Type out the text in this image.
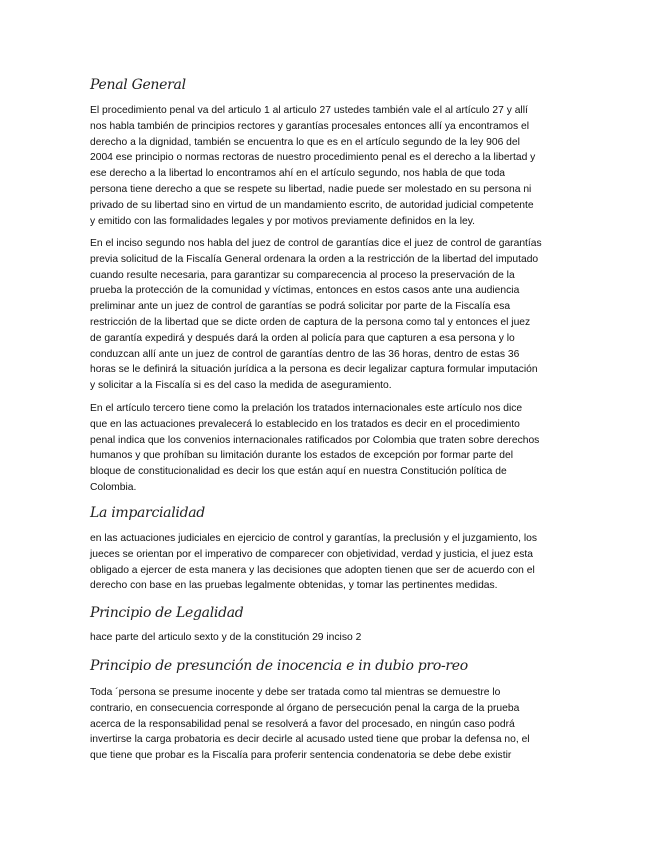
Penal General
El procedimiento penal va del articulo 1 al articulo 27 ustedes también vale el al artículo 27 y allí
nos habla también de principios rectores y garantías procesales entonces allí ya encontramos el
derecho a la dignidad, también se encuentra lo que es en el artículo segundo de la ley 906 del
2004 ese principio o normas rectoras de nuestro procedimiento penal es el derecho a la libertad y
ese derecho a la libertad lo encontramos ahí en el artículo segundo, nos habla de que toda
persona tiene derecho a que se respete su libertad, nadie puede ser molestado en su persona ni
privado de su libertad sino en virtud de un mandamiento escrito, de autoridad judicial competente
y emitido con las formalidades legales y por motivos previamente definidos en la ley.
En el inciso segundo nos habla del juez de control de garantías dice el juez de control de garantías
previa solicitud de la Fiscalía General ordenara la orden a la restricción de la libertad del imputado
cuando resulte necesaria, para garantizar su comparecencia al proceso la preservación de la
prueba la protección de la comunidad y víctimas, entonces en estos casos ante una audiencia
preliminar ante un juez de control de garantías se podrá solicitar por parte de la Fiscalía esa
restricción de la libertad que se dicte orden de captura de la persona como tal y entonces el juez
de garantía expedirá y después dará la orden al policía para que capturen a esa persona y lo
conduzcan allí ante un juez de control de garantías dentro de las 36 horas, dentro de estas 36
horas se le definirá la situación jurídica a la persona es decir legalizar captura formular imputación
y solicitar a la Fiscalía si es del caso la medida de aseguramiento.
En el artículo tercero tiene como la prelación los tratados internacionales este artículo nos dice
que en las actuaciones prevalecerá lo establecido en los tratados es decir en el procedimiento
penal indica que los convenios internacionales ratificados por Colombia que traten sobre derechos
humanos y que prohíban su limitación durante los estados de excepción por formar parte del
bloque de constitucionalidad es decir los que están aquí en nuestra Constitución política de
Colombia.
La imparcialidad
en las actuaciones judiciales en ejercicio de control y garantías, la preclusión y el juzgamiento, los
jueces se orientan por el imperativo de comparecer con objetividad, verdad y justicia, el juez esta
obligado a ejercer de esta manera y las decisiones que adopten tienen que ser de acuerdo con el
derecho con base en las pruebas legalmente obtenidas, y tomar las pertinentes medidas.
Principio de Legalidad
hace parte del articulo sexto y de la constitución 29 inciso 2
Principio de presunción de inocencia e in dubio pro-reo
Toda ´persona se presume inocente y debe ser tratada como tal mientras se demuestre lo
contrario, en consecuencia corresponde al órgano de persecución penal la carga de la prueba
acerca de la responsabilidad penal se resolverá a favor del procesado, en ningún caso podrá
invertirse la carga probatoria es decir decirle al acusado usted tiene que probar la defensa no, el
que tiene que probar es la Fiscalía para proferir sentencia condenatoria se debe debe existir
